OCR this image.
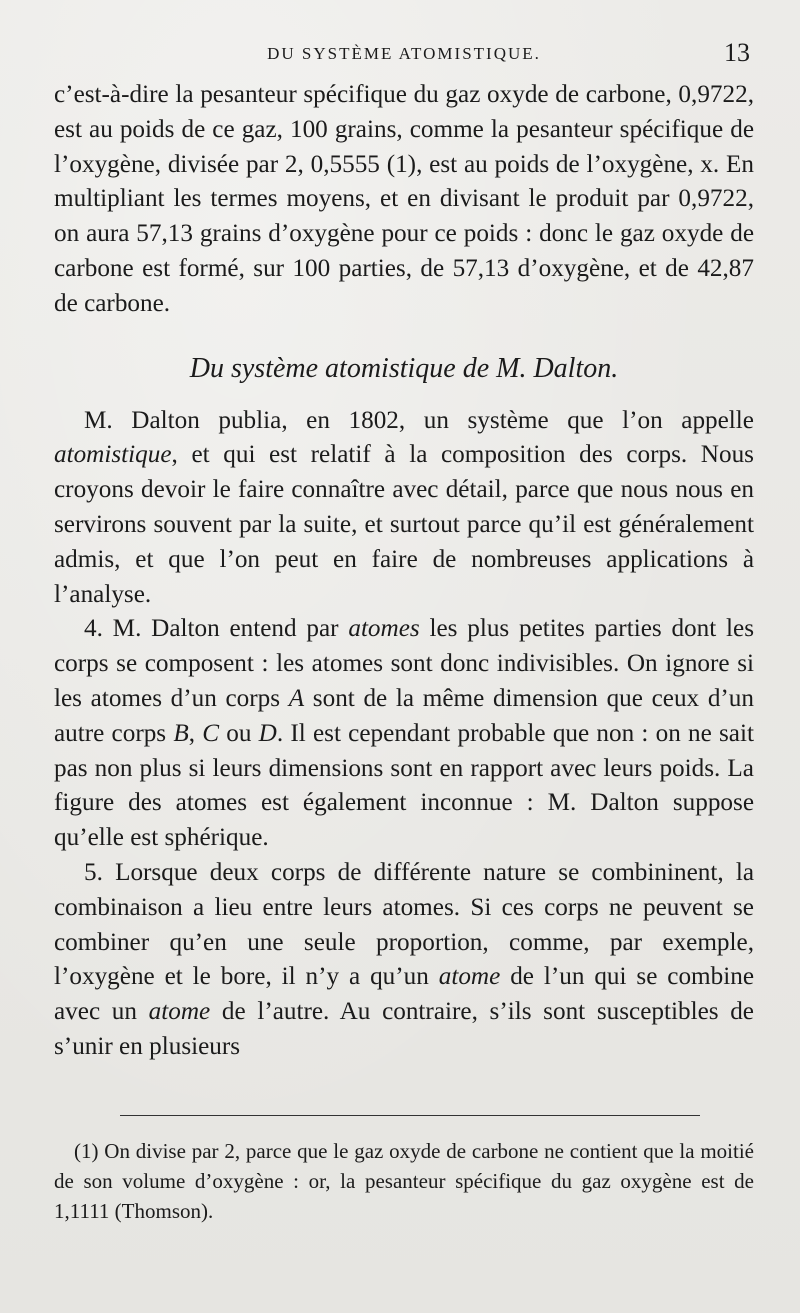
DU SYSTÈME ATOMISTIQUE.	13

c’est-à-dire la pesanteur spécifique du gaz oxyde de carbone, 0,9722, est au poids de ce gaz, 100 grains, comme la pesanteur spécifique de l’oxygène, divisée par 2, 0,5555 (1), est au poids de l’oxygène, x. En multipliant les termes moyens, et en divisant le produit par 0,9722, on aura 57,13 grains d’oxygène pour ce poids : donc le gaz oxyde de carbone est formé, sur 100 parties, de 57,13 d’oxygène, et de 42,87 de carbone.

Du système atomistique de M. Dalton.

M. Dalton publia, en 1802, un système que l’on appelle atomistique, et qui est relatif à la composition des corps. Nous croyons devoir le faire connaître avec détail, parce que nous nous en servirons souvent par la suite, et surtout parce qu’il est généralement admis, et que l’on peut en faire de nombreuses applications à l’analyse.

4. M. Dalton entend par atomes les plus petites parties dont les corps se composent : les atomes sont donc indivisibles. On ignore si les atomes d’un corps A sont de la même dimension que ceux d’un autre corps B, C ou D. Il est cependant probable que non : on ne sait pas non plus si leurs dimensions sont en rapport avec leurs poids. La figure des atomes est également inconnue : M. Dalton suppose qu’elle est sphérique.

5. Lorsque deux corps de différente nature se combininent, la combinaison a lieu entre leurs atomes. Si ces corps ne peuvent se combiner qu’en une seule proportion, comme, par exemple, l’oxygène et le bore, il n’y a qu’un atome de l’un qui se combine avec un atome de l’autre. Au contraire, s’ils sont susceptibles de s’unir en plusieurs

(1) On divise par 2, parce que le gaz oxyde de carbone ne contient que la moitié de son volume d’oxygène : or, la pesanteur spécifique du gaz oxygène est de 1,1111 (Thomson).
